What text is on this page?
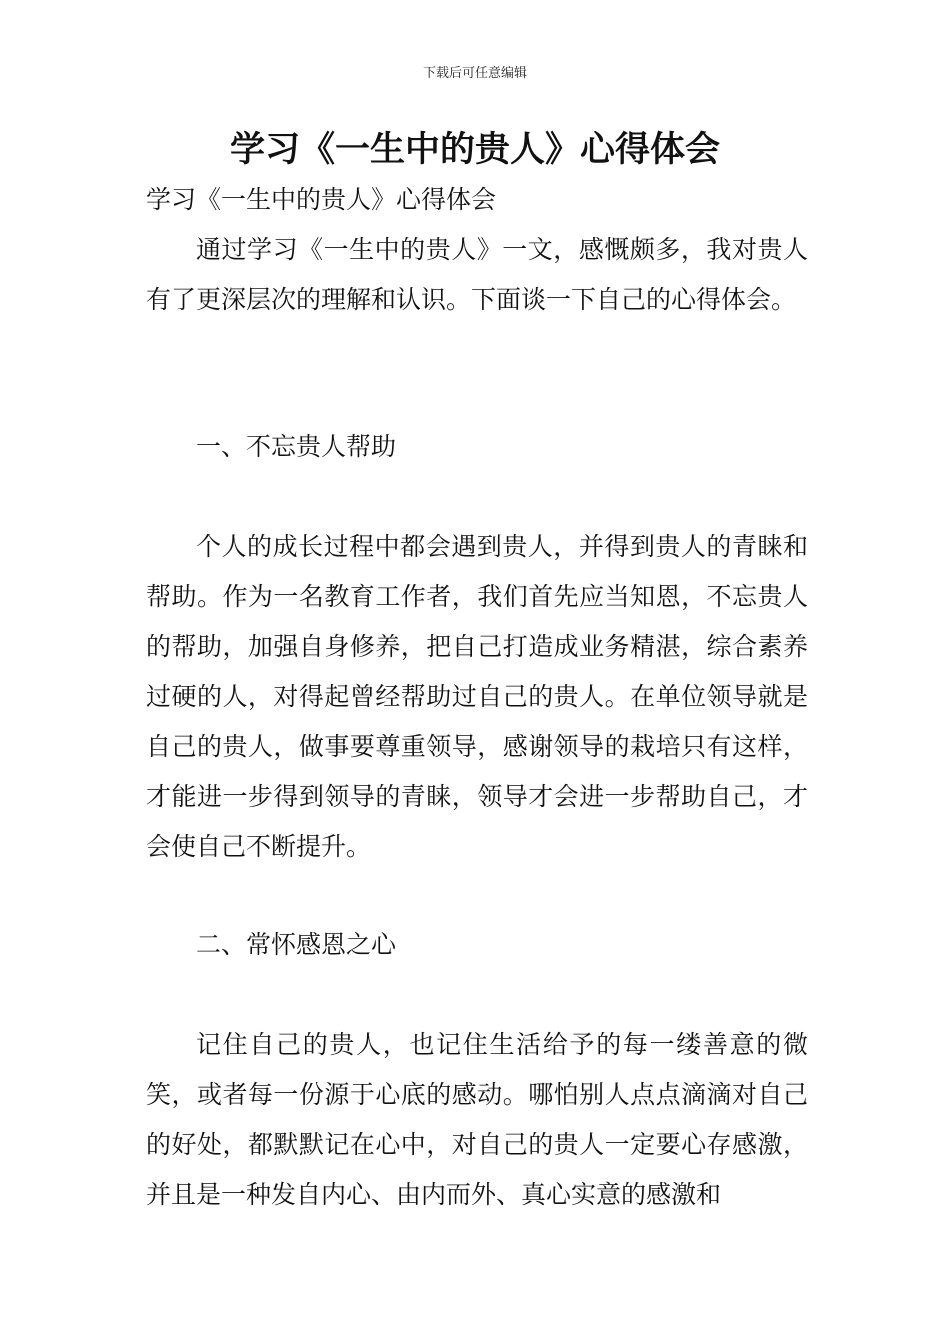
下载后可任意编辑
学习《一生中的贵人》心得体会

学习《一生中的贵人》心得体会

通过学习《一生中的贵人》一文，感慨颇多，我对贵人有了更深层次的理解和认识。下面谈一下自己的心得体会。

一、不忘贵人帮助

个人的成长过程中都会遇到贵人，并得到贵人的青睐和帮助。作为一名教育工作者，我们首先应当知恩，不忘贵人的帮助，加强自身修养，把自己打造成业务精湛，综合素养过硬的人，对得起曾经帮助过自己的贵人。在单位领导就是自己的贵人，做事要尊重领导，感谢领导的栽培只有这样，才能进一步得到领导的青睐，领导才会进一步帮助自己，才会使自己不断提升。

二、常怀感恩之心

记住自己的贵人，也记住生活给予的每一缕善意的微笑，或者每一份源于心底的感动。哪怕别人点点滴滴对自己的好处，都默默记在心中，对自己的贵人一定要心存感激，并且是一种发自内心、由内而外、真心实意的感激和
